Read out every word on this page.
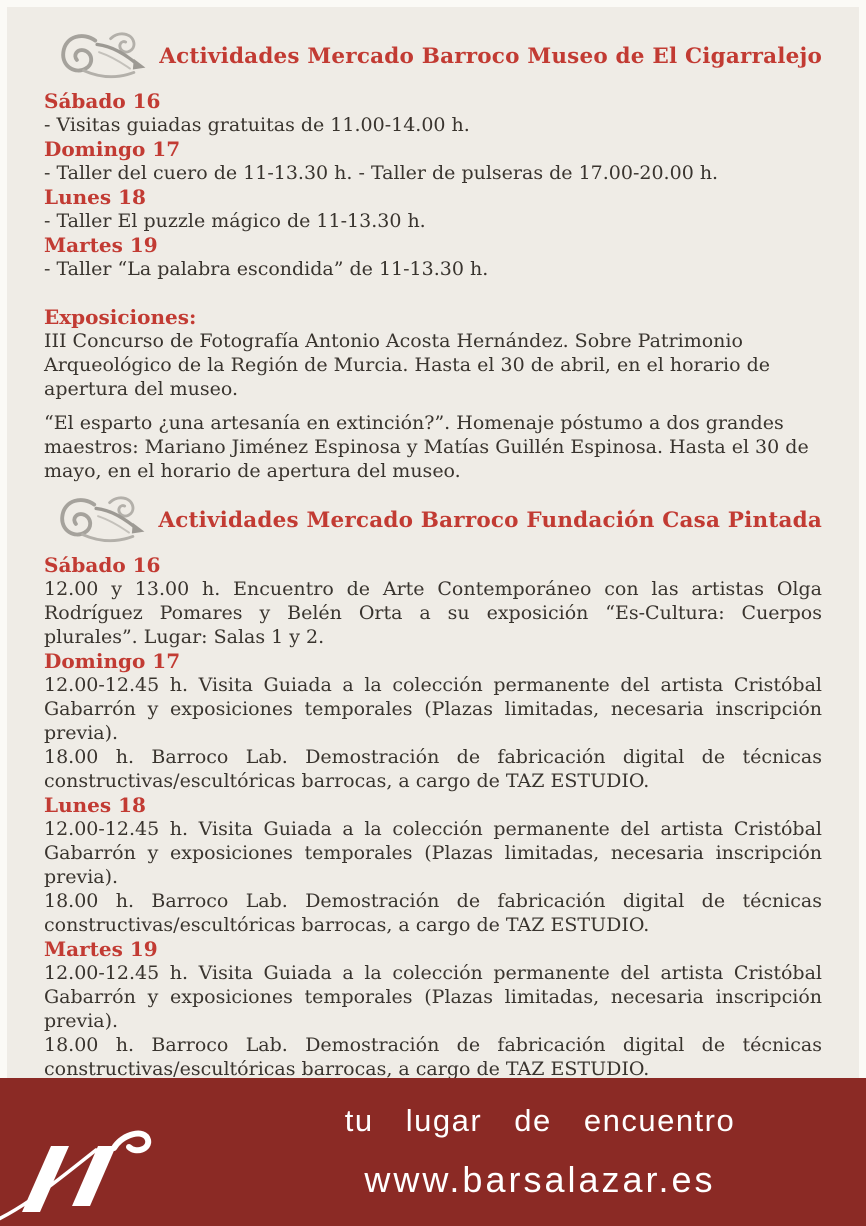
Actividades Mercado Barroco Museo de El Cigarralejo
Sábado 16
- Visitas guiadas gratuitas de 11.00-14.00 h.
Domingo 17
- Taller del cuero de 11-13.30 h. - Taller de pulseras de 17.00-20.00 h.
Lunes 18
- Taller El puzzle mágico de 11-13.30 h.
Martes 19
- Taller “La palabra escondida” de 11-13.30 h.
Exposiciones:

III Concurso de Fotografía Antonio Acosta Hernández. Sobre Patrimonio Arqueológico de la Región de Murcia. Hasta el 30 de abril, en el horario de apertura del museo.

“El esparto ¿una artesanía en extinción?”. Homenaje póstumo a dos grandes maestros: Mariano Jiménez Espinosa y Matías Guillén Espinosa. Hasta el 30 de mayo, en el horario de apertura del museo.

Actividades Mercado Barroco Fundación Casa Pintada
Sábado 16

12.00 y 13.00 h. Encuentro de Arte Contemporáneo con las artistas Olga Rodríguez Pomares y Belén Orta a su exposición “Es-Cultura: Cuerpos plurales”. Lugar: Salas 1 y 2.

Domingo 17

12.00-12.45 h. Visita Guiada a la colección permanente del artista Cristóbal Gabarrón y exposiciones temporales (Plazas limitadas, necesaria inscripción previa).

18.00 h. Barroco Lab. Demostración de fabricación digital de técnicas constructivas/escultóricas barrocas, a cargo de TAZ ESTUDIO.

Lunes 18

12.00-12.45 h. Visita Guiada a la colección permanente del artista Cristóbal Gabarrón y exposiciones temporales (Plazas limitadas, necesaria inscripción previa).

18.00 h. Barroco Lab. Demostración de fabricación digital de técnicas constructivas/escultóricas barrocas, a cargo de TAZ ESTUDIO.

Martes 19

12.00-12.45 h. Visita Guiada a la colección permanente del artista Cristóbal Gabarrón y exposiciones temporales (Plazas limitadas, necesaria inscripción previa).

18.00 h. Barroco Lab. Demostración de fabricación digital de técnicas constructivas/escultóricas barrocas, a cargo de TAZ ESTUDIO.

tu lugar de encuentro
www.barsalazar.es
